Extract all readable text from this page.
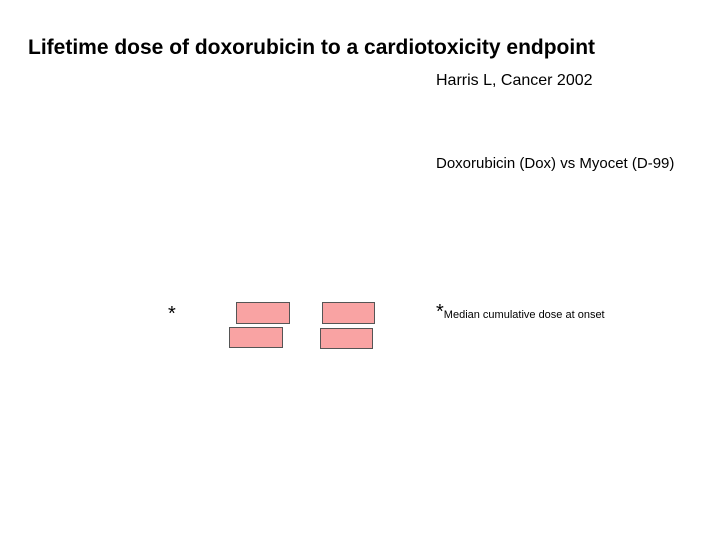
Lifetime dose of doxorubicin to a cardiotoxicity endpoint
Harris L, Cancer 2002
Doxorubicin (Dox) vs Myocet (D-99)
*	*Median cumulative dose at onset
